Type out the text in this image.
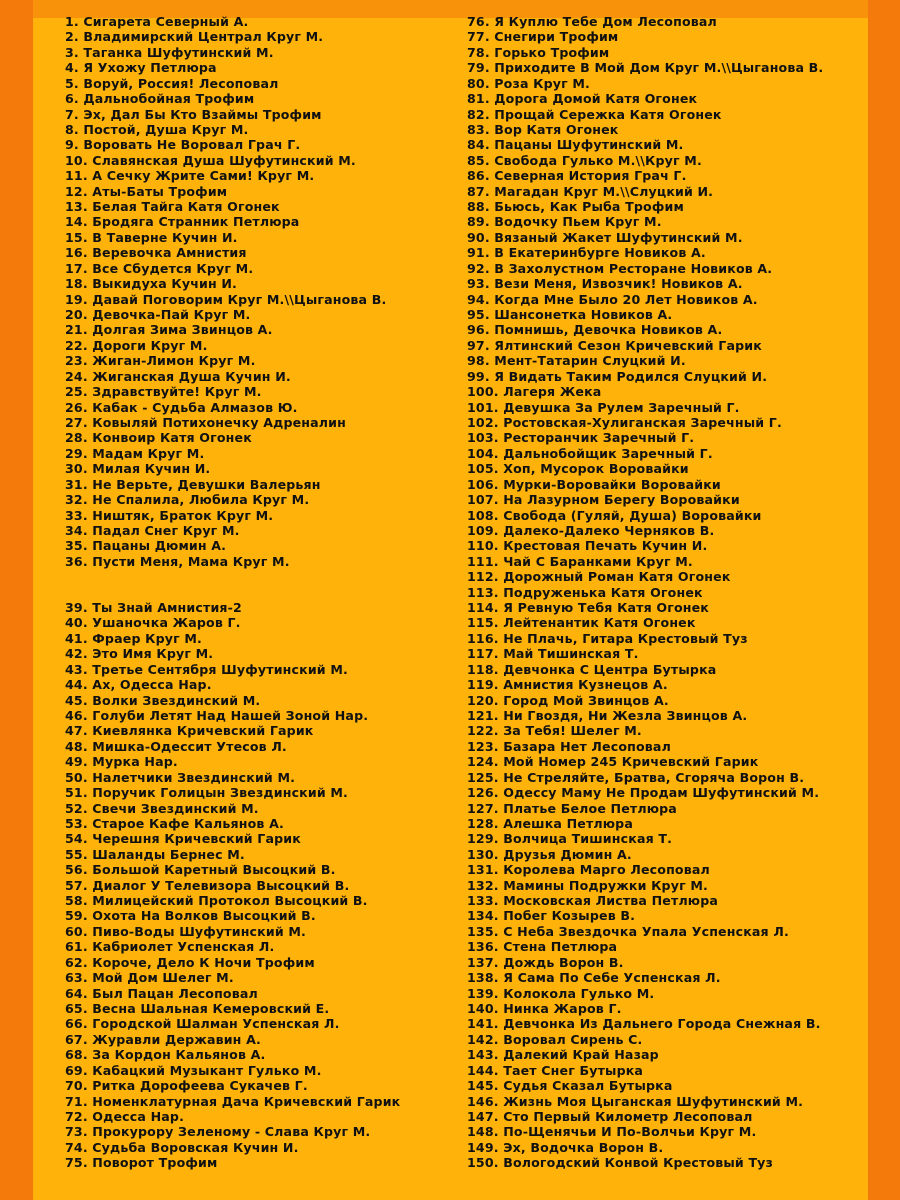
1. Сигарета Северный А.
2. Владимирский Централ Круг М.
3. Таганка Шуфутинский М.
4. Я Ухожу Петлюра
5. Воруй, Россия! Лесоповал
6. Дальнобойная Трофим
7. Эх, Дал Бы Кто Взаймы Трофим
8. Постой, Душа Круг М.
9. Воровать Не Воровал Грач Г.
10. Славянская Душа Шуфутинский М.
11. А Сечку Жрите Сами! Круг М.
12. Аты-Баты Трофим
13. Белая Тайга Катя Огонек
14. Бродяга Странник Петлюра
15. В Таверне Кучин И.
16. Веревочка Амнистия
17. Все Сбудется Круг М.
18. Выкидуха Кучин И.
19. Давай Поговорим Круг М.\\Цыганова В.
20. Девочка-Пай Круг М.
21. Долгая Зима Звинцов А.
22. Дороги Круг М.
23. Жиган-Лимон Круг М.
24. Жиганская Душа Кучин И.
25. Здравствуйте! Круг М.
26. Кабак - Судьба Алмазов Ю.
27. Ковыляй Потихонечку Адреналин
28. Конвоир Катя Огонек
29. Мадам Круг М.
30. Милая Кучин И.
31. Не Верьте, Девушки Валерьян
32. Не Спалила, Любила Круг М.
33. Ништяк, Браток Круг М.
34. Падал Снег Круг М.
35. Пацаны Дюмин А.
36. Пусти Меня, Мама Круг М.
39. Ты Знай Амнистия-2
40. Ушаночка Жаров Г.
41. Фраер Круг М.
42. Это Имя Круг М.
43. Третье Сентября Шуфутинский М.
44. Ах, Одесса Нар.
45. Волки Звездинский М.
46. Голуби Летят Над Нашей Зоной Нар.
47. Киевлянка Кричевский Гарик
48. Мишка-Одессит Утесов Л.
49. Мурка Нар.
50. Налетчики Звездинский М.
51. Поручик Голицын Звездинский М.
52. Свечи Звездинский М.
53. Старое Кафе Кальянов А.
54. Черешня Кричевский Гарик
55. Шаланды Бернес М.
56. Большой Каретный Высоцкий В.
57. Диалог У Телевизора Высоцкий В.
58. Милицейский Протокол Высоцкий В.
59. Охота На Волков Высоцкий В.
60. Пиво-Воды Шуфутинский М.
61. Кабриолет Успенская Л.
62. Короче, Дело К Ночи Трофим
63. Мой Дом Шелег М.
64. Был Пацан Лесоповал
65. Весна Шальная Кемеровский Е.
66. Городской Шалман Успенская Л.
67. Журавли Державин А.
68. За Кордон Кальянов А.
69. Кабацкий Музыкант Гулько М.
70. Ритка Дорофеева Сукачев Г.
71. Номенклатурная Дача Кричевский Гарик
72. Одесса Нар.
73. Прокурору Зеленому - Слава Круг М.
74. Судьба Воровская Кучин И.
75. Поворот Трофим
76. Я Куплю Тебе Дом Лесоповал
77. Снегири Трофим
78. Горько Трофим
79. Приходите В Мой Дом Круг М.\\Цыганова В.
80. Роза Круг М.
81. Дорога Домой Катя Огонек
82. Прощай Сережка Катя Огонек
83. Вор Катя Огонек
84. Пацаны Шуфутинский М.
85. Свобода Гулько М.\\Круг М.
86. Северная История Грач Г.
87. Магадан Круг М.\\Слуцкий И.
88. Бьюсь, Как Рыба Трофим
89. Водочку Пьем Круг М.
90. Вязаный Жакет Шуфутинский М.
91. В Екатеринбурге Новиков А.
92. В Захолустном Ресторане Новиков А.
93. Вези Меня, Извозчик! Новиков А.
94. Когда Мне Было 20 Лет Новиков А.
95. Шансонетка Новиков А.
96. Помнишь, Девочка Новиков А.
97. Ялтинский Сезон Кричевский Гарик
98. Мент-Татарин Слуцкий И.
99. Я Видать Таким Родился Слуцкий И.
100. Лагеря Жека
101. Девушка За Рулем Заречный Г.
102. Ростовская-Хулиганская Заречный Г.
103. Ресторанчик Заречный Г.
104. Дальнобойщик Заречный Г.
105. Хоп, Мусорок Воровайки
106. Мурки-Воровайки Воровайки
107. На Лазурном Берегу Воровайки
108. Свобода (Гуляй, Душа) Воровайки
109. Далеко-Далеко Черняков В.
110. Крестовая Печать Кучин И.
111. Чай С Баранками Круг М.
112. Дорожный Роман Катя Огонек
113. Подруженька Катя Огонек
114. Я Ревную Тебя Катя Огонек
115. Лейтенантик Катя Огонек
116. Не Плачь, Гитара Крестовый Туз
117. Май Тишинская Т.
118. Девчонка С Центра Бутырка
119. Амнистия Кузнецов А.
120. Город Мой Звинцов А.
121. Ни Гвоздя, Ни Жезла Звинцов А.
122. За Тебя! Шелег М.
123. Базара Нет Лесоповал
124. Мой Номер 245 Кричевский Гарик
125. Не Стреляйте, Братва, Сгоряча Ворон В.
126. Одессу Маму Не Продам Шуфутинский М.
127. Платье Белое Петлюра
128. Алешка Петлюра
129. Волчица Тишинская Т.
130. Друзья Дюмин А.
131. Королева Марго Лесоповал
132. Мамины Подружки Круг М.
133. Московская Листва Петлюра
134. Побег Козырев В.
135. С Неба Звездочка Упала Успенская Л.
136. Стена Петлюра
137. Дождь Ворон В.
138. Я Сама По Себе Успенская Л.
139. Колокола Гулько М.
140. Нинка Жаров Г.
141. Девчонка Из Дальнего Города Снежная В.
142. Воровал Сирень С.
143. Далекий Край Назар
144. Тает Снег Бутырка
145. Судья Сказал Бутырка
146. Жизнь Моя Цыганская Шуфутинский М.
147. Сто Первый Километр Лесоповал
148. По-Щенячьи И По-Волчьи Круг М.
149. Эх, Водочка Ворон В.
150. Вологодский Конвой Крестовый Туз
